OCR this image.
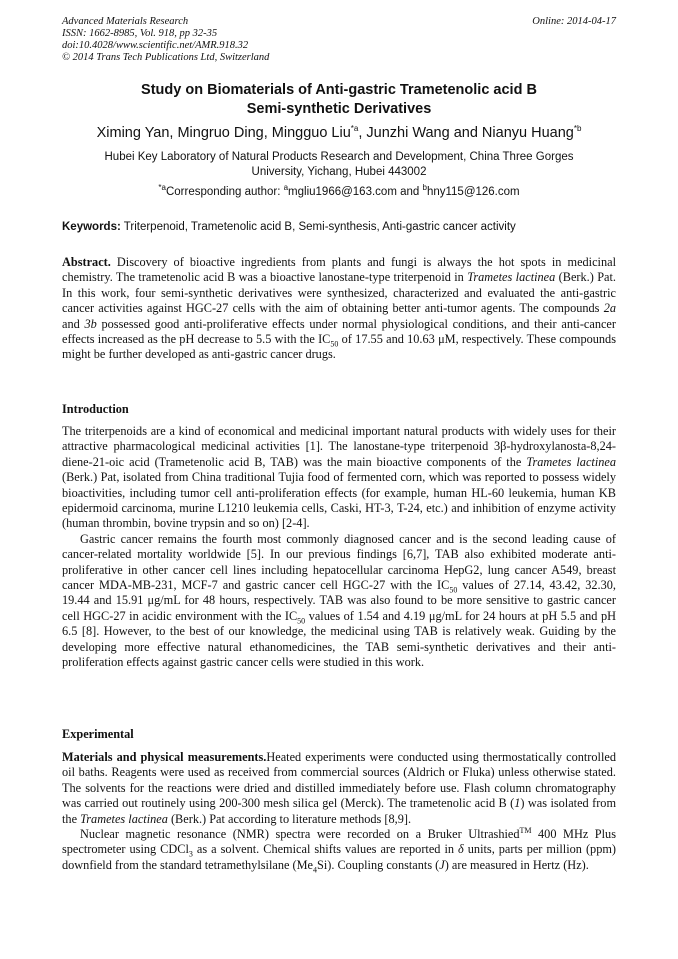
Advanced Materials Research
ISSN: 1662-8985, Vol. 918, pp 32-35
doi:10.4028/www.scientific.net/AMR.918.32
© 2014 Trans Tech Publications Ltd, Switzerland
Online: 2014-04-17
Study on Biomaterials of Anti-gastric Trametenolic acid B
Semi-synthetic Derivatives
Ximing Yan, Mingruo Ding, Mingguo Liu$^{*a}$, Junzhi Wang and Nianyu Huang$^{*b}$
Hubei Key Laboratory of Natural Products Research and Development, China Three Gorges
University, Yichang, Hubei 443002
$^{*a}$Corresponding author: $^a$mgliu1966@163.com and $^b$hny115@126.com
Keywords: Triterpenoid, Trametenolic acid B, Semi-synthesis, Anti-gastric cancer activity

Abstract. Discovery of bioactive ingredients from plants and fungi is always the hot spots in medicinal chemistry. The trametenolic acid B was a bioactive lanostane-type triterpenoid in Trametes lactinea (Berk.) Pat. In this work, four semi-synthetic derivatives were synthesized, characterized and evaluated the anti-gastric cancer activities against HGC-27 cells with the aim of obtaining better anti-tumor agents. The compounds 2a and 3b possessed good anti-proliferative effects under normal physiological conditions, and their anti-cancer effects increased as the pH decrease to 5.5 with the $IC_{50}$ of 17.55 and 10.63 μM, respectively. These compounds might be further developed as anti-gastric cancer drugs.

Introduction

The triterpenoids are a kind of economical and medicinal important natural products with widely uses for their attractive pharmacological medicinal activities [1]. The lanostane-type triterpenoid 3β-hydroxylanosta-8,24-diene-21-oic acid (Trametenolic acid B, TAB) was the main bioactive components of the Trametes lactinea (Berk.) Pat, isolated from China traditional Tujia food of fermented corn, which was reported to possess widely bioactivities, including tumor cell anti-proliferation effects (for example, human HL-60 leukemia, human KB epidermoid carcinoma, murine L1210 leukemia cells, Caski, HT-3, T-24, etc.) and inhibition of enzyme activity (human thrombin, bovine trypsin and so on) [2-4].

Gastric cancer remains the fourth most commonly diagnosed cancer and is the second leading cause of cancer-related mortality worldwide [5]. In our previous findings [6,7], TAB also exhibited moderate anti-proliferative in other cancer cell lines including hepatocellular carcinoma HepG2, lung cancer A549, breast cancer MDA-MB-231, MCF-7 and gastric cancer cell HGC-27 with the $IC_{50}$ values of 27.14, 43.42, 32.30, 19.44 and 15.91 μg/mL for 48 hours, respectively. TAB was also found to be more sensitive to gastric cancer cell HGC-27 in acidic environment with the $IC_{50}$ values of 1.54 and 4.19 μg/mL for 24 hours at pH 5.5 and pH 6.5 [8]. However, to the best of our knowledge, the medicinal using TAB is relatively weak. Guiding by the developing more effective natural ethanomedicines, the TAB semi-synthetic derivatives and their anti-proliferation effects against gastric cancer cells were studied in this work.

Experimental

Materials and physical measurements.Heated experiments were conducted using thermostatically controlled oil baths. Reagents were used as received from commercial sources (Aldrich or Fluka) unless otherwise stated. The solvents for the reactions were dried and distilled immediately before use. Flash column chromatography was carried out routinely using 200-300 mesh silica gel (Merck). The trametenolic acid B (1) was isolated from the Trametes lactinea (Berk.) Pat according to literature methods [8,9].

Nuclear magnetic resonance (NMR) spectra were recorded on a Bruker Ultrashied™ 400 MHz Plus spectrometer using CDCl$_3$ as a solvent. Chemical shifts values are reported in δ units, parts per million (ppm) downfield from the standard tetramethylsilane $(Me_4Si)$. Coupling constants (J) are measured in Hertz (Hz).
